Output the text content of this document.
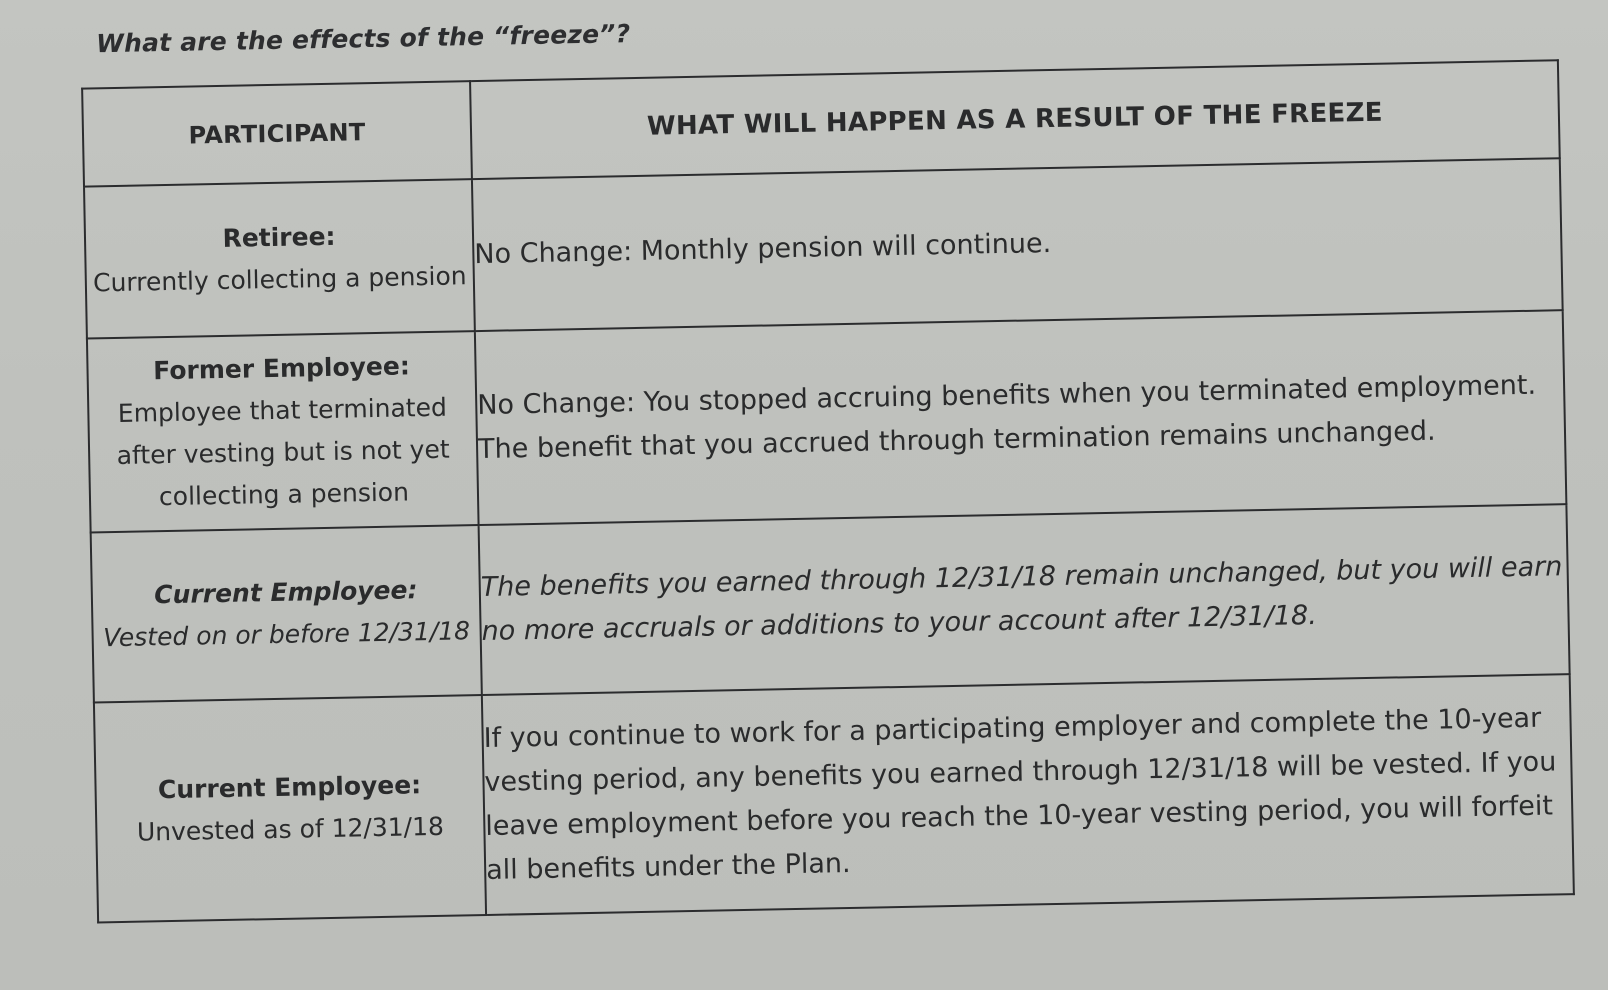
What are the effects of the “freeze”?
PARTICIPANT	WHAT WILL HAPPEN AS A RESULT OF THE FREEZE

Retiree:
Currently collecting a pension	No Change: Monthly pension will continue.

Former Employee:
Employee that terminated after vesting but is not yet collecting a pension	No Change: You stopped accruing benefits when you terminated employment. The benefit that you accrued through termination remains unchanged.

Current Employee:
Vested on or before 12/31/18	The benefits you earned through 12/31/18 remain unchanged, but you will earn no more accruals or additions to your account after 12/31/18.

Current Employee:
Unvested as of 12/31/18	If you continue to work for a participating employer and complete the 10-year vesting period, any benefits you earned through 12/31/18 will be vested. If you leave employment before you reach the 10-year vesting period, you will forfeit all benefits under the Plan.
